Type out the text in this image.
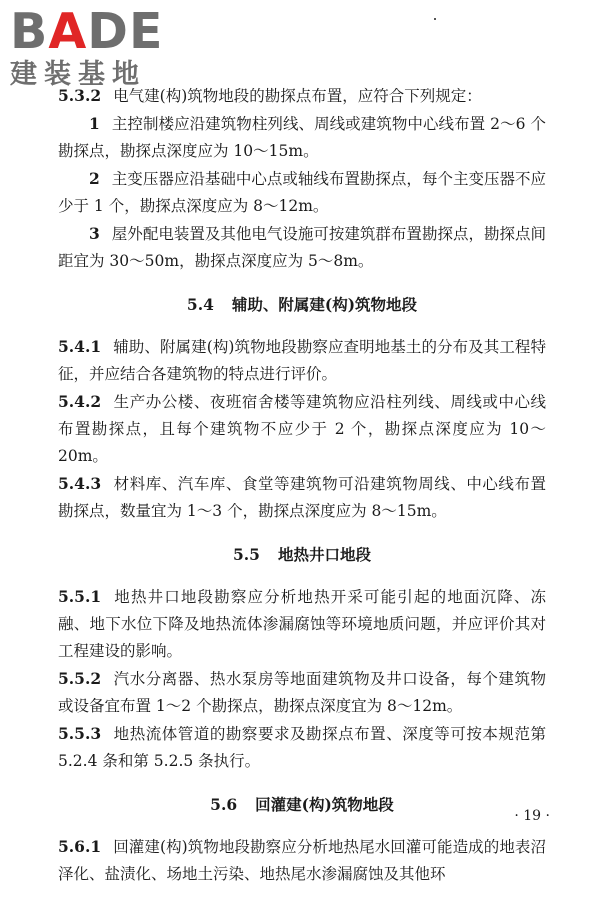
BADE
建装基地

5.3.2 电气建(构)筑物地段的勘探点布置，应符合下列规定：

1 主控制楼应沿建筑物柱列线、周线或建筑物中心线布置 2～6 个勘探点，勘探点深度应为 10～15m。

2 主变压器应沿基础中心点或轴线布置勘探点，每个主变压器不应少于 1 个，勘探点深度应为 8～12m。

3 屋外配电装置及其他电气设施可按建筑群布置勘探点，勘探点间距宜为 30～50m，勘探点深度应为 5～8m。

5.4 辅助、附属建(构)筑物地段

5.4.1 辅助、附属建(构)筑物地段勘察应查明地基土的分布及其工程特征，并应结合各建筑物的特点进行评价。

5.4.2 生产办公楼、夜班宿舍楼等建筑物应沿柱列线、周线或中心线布置勘探点，且每个建筑物不应少于 2 个，勘探点深度应为 10～20m。

5.4.3 材料库、汽车库、食堂等建筑物可沿建筑物周线、中心线布置勘探点，数量宜为 1～3 个，勘探点深度应为 8～15m。

5.5 地热井口地段

5.5.1 地热井口地段勘察应分析地热开采可能引起的地面沉降、冻融、地下水位下降及地热流体渗漏腐蚀等环境地质问题，并应评价其对工程建设的影响。

5.5.2 汽水分离器、热水泵房等地面建筑物及井口设备，每个建筑物或设备宜布置 1～2 个勘探点，勘探点深度宜为 8～12m。

5.5.3 地热流体管道的勘察要求及勘探点布置、深度等可按本规范第 5.2.4 条和第 5.2.5 条执行。

5.6 回灌建(构)筑物地段

5.6.1 回灌建(构)筑物地段勘察应分析地热尾水回灌可能造成的地表沼泽化、盐渍化、场地土污染、地热尾水渗漏腐蚀及其他环

· 19 ·
